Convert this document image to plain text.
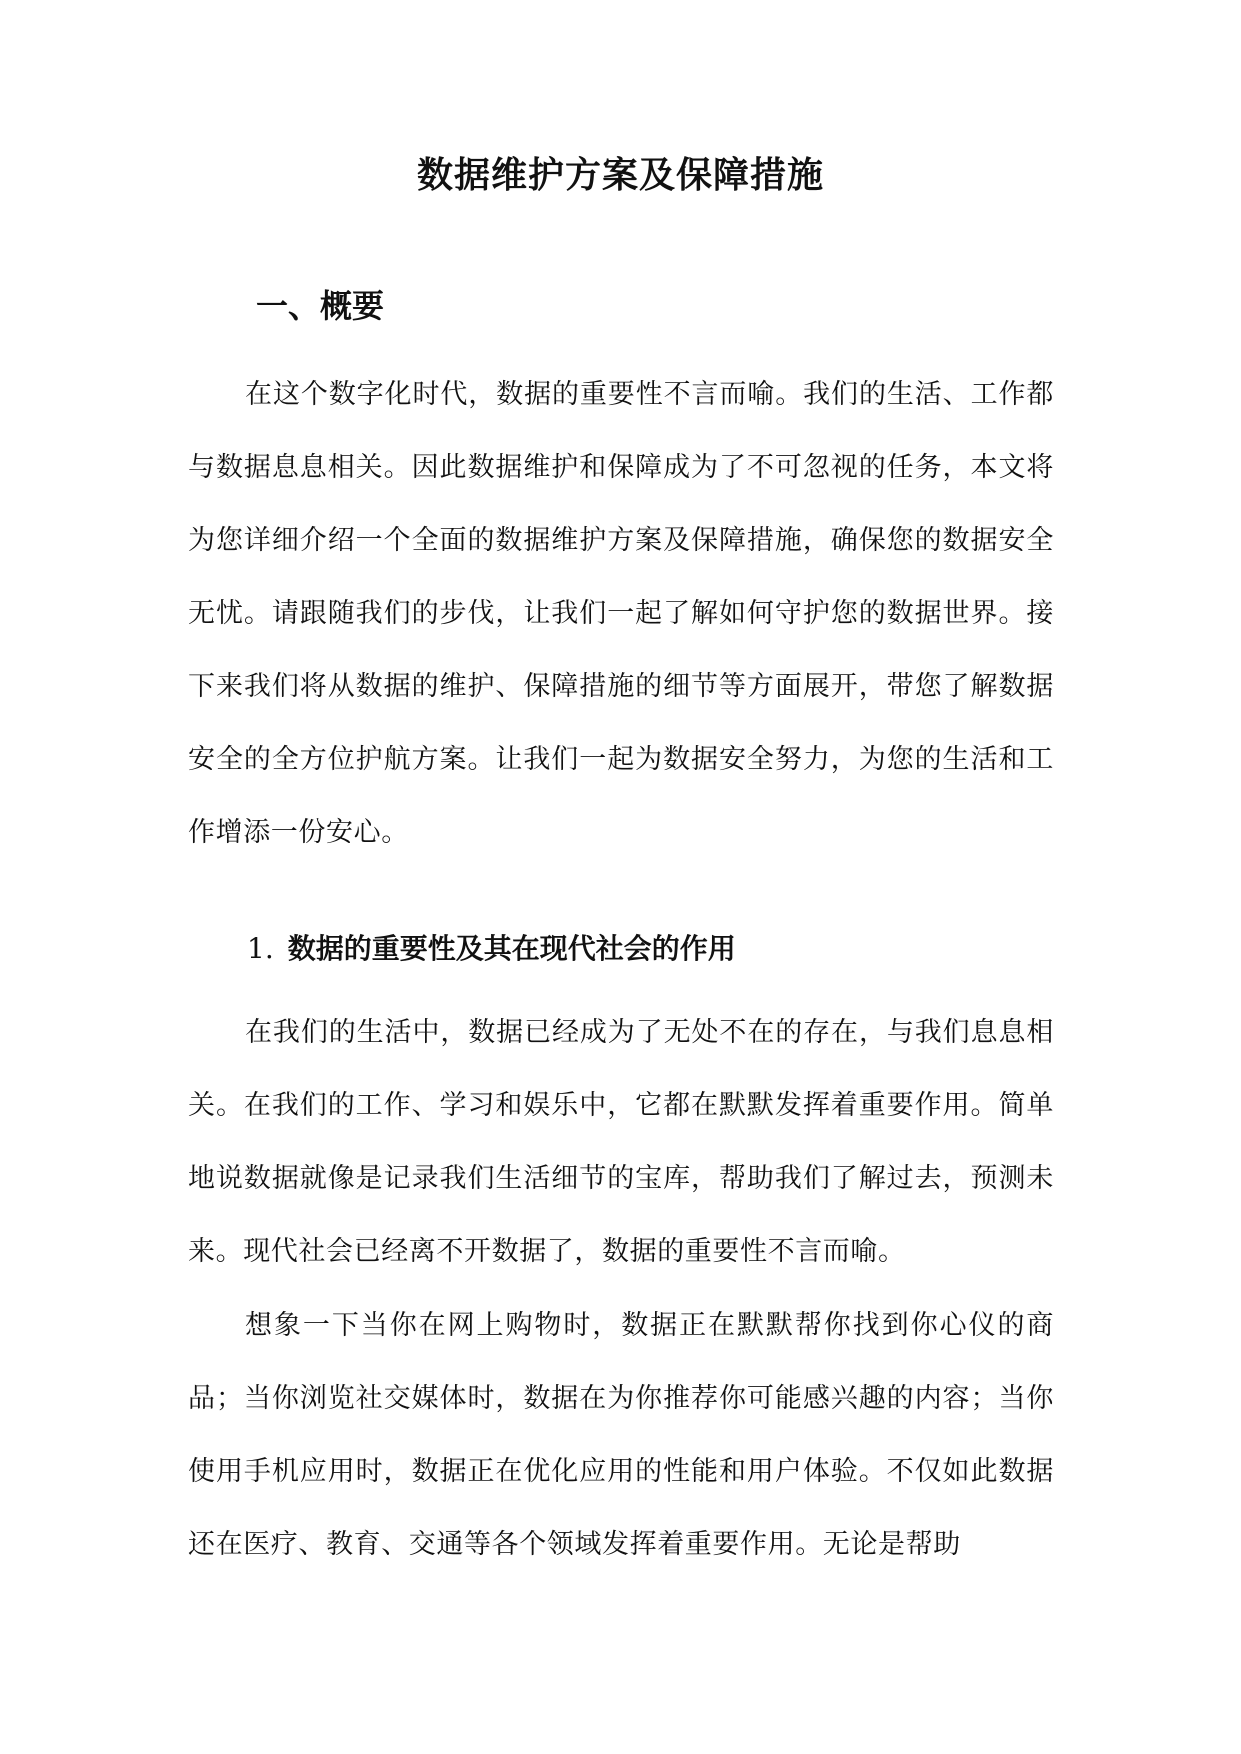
数据维护方案及保障措施
一、概要

在这个数字化时代，数据的重要性不言而喻。我们的生活、工作都与数据息息相关。因此数据维护和保障成为了不可忽视的任务，本文将为您详细介绍一个全面的数据维护方案及保障措施，确保您的数据安全无忧。请跟随我们的步伐，让我们一起了解如何守护您的数据世界。接下来我们将从数据的维护、保障措施的细节等方面展开，带您了解数据安全的全方位护航方案。让我们一起为数据安全努力，为您的生活和工作增添一份安心。

1. 数据的重要性及其在现代社会的作用

在我们的生活中，数据已经成为了无处不在的存在，与我们息息相关。在我们的工作、学习和娱乐中，它都在默默发挥着重要作用。简单地说数据就像是记录我们生活细节的宝库，帮助我们了解过去，预测未来。现代社会已经离不开数据了，数据的重要性不言而喻。

想象一下当你在网上购物时，数据正在默默帮你找到你心仪的商品；当你浏览社交媒体时，数据在为你推荐你可能感兴趣的内容；当你使用手机应用时，数据正在优化应用的性能和用户体验。不仅如此数据还在医疗、教育、交通等各个领域发挥着重要作用。无论是帮助
